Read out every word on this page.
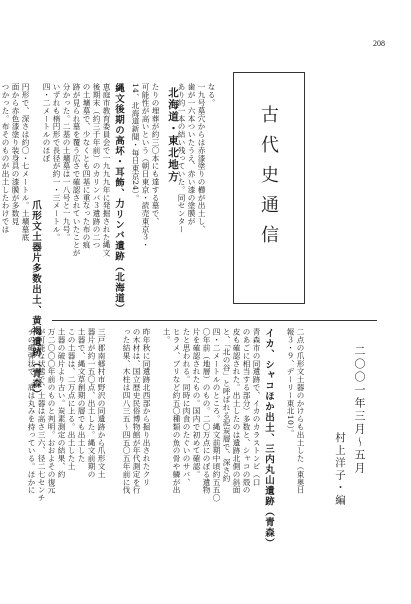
208
古代史通信
北海道・東北地方	なる。
一九号墓穴からは赤漆塗りの櫛が出土し、
歯が一六本ついたうえ、赤い漆の塗膜が
あり約一本の結い残っていた。同センター
たりの埋葬が約三〇本にも達する墓で、
可能性が高いという（朝日東京・読売東京３・
14、北海道新聞・毎日東京24）。
縄文後期の高坏・耳飾、力リンバ遺跡（北海道）
恵庭市教育委員会で一九九九年に発掘された縄文
後期末（約三千年前）のカリンバ３遺跡の二つ
の土壙墓で、少なくとも四基に重なった布の痕
跡が見られ墓を覆う広さで確認されていたことが
分かった。二基の土壙墓は一八号と一九号。
いずれも楕円形で長径が約一・三メートル。
爪形文土器片多数出土、黄褐遺跡（青森）
二〇〇一年三月～五月
村上洋子・編
二点の爪形文土器のかけらも出土した（東奥日
報３・９、デーリー東北10）。
イカ、シャコほか出土、三内丸山遺跡（青森）
青森市の同遺跡で、イカのカラストンビ（口
のあごに相当する部分）多数と、シャコの殻の
皮も確認された。出土したのは遺跡北側の斜面
と、「北の谷」と呼ばれる泥炭層で、深さ約
四・二メートルのところ。縄文前期中頃約五五〇
〇年前（地層）のもの。二〇万点にのぼる遺物
片を確認されたもの。国内で初めて確認。
たと思われる。同時に肉食のたぐいのサバ、
ヒラメ、ブリなど約五〇種類の魚の骨や鱗が出
土。
昨年秋に同遺跡北西部から掘り出されたクリ
の木材は、国立歴史民俗博物館が年代測定を行
った結果、木柱は四八三五〜四五〇五年前に伐
三戸郡南郷村市野沢の同遺跡から爪形文土
器片が約一五〇点、出土した。縄文前期の
土器で、縄文草創期の層でも出土した
この土器は、二万点に上る。出土した土
土器の破片より古い。炭素測定の結果、約
万二〇〇〇年前のものと判明。おおよその復元
が可能な状態で、土器は高さ三六、径二七センチ
チの砲弾状で、底は丸みを持っている。ほかに
四・二メートルのほぼ
円形で、深さは約〇・七メートル。土壙墓底
面から赤色漆塗り装身具の漆膜が多数見
つかった。布そのものが出土したわけでは
